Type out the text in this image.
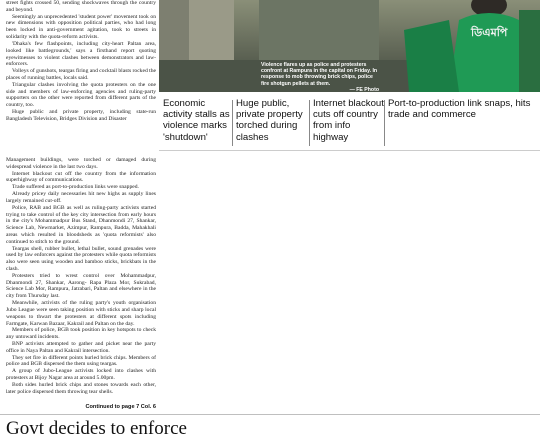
street fights crossed 50, sending shockwaves through the country and beyond.

Seemingly an unprecedented 'student power' movement took on new dimensions with opposition political parties, who had long been locked in anti-government agitation, took to streets in solidarity with the quota-reform activists.

'Dhaka's few flashpoints, including city-heart Paltan area, looked like battlegrounds,' says a firsthand report quoting eyewitnesses to violent clashes between demonstrators and law-enforcers.

Volleys of gunshots, teargas firing and cocktail blasts rocked the places of running battles, locals said.

Triangular clashes involving the quota protesters on the one side and members of law-enforcing agencies and ruling-party supporters on the other were reported from different parts of the country, too.

Huge public and private property, including state-run Bangladesh Television, Bridges Division and Disaster

Management buildings, were torched or damaged during widespread violence in the last two days.

Internet blackout cut off the country from the information superhighway of communications.

Trade suffered as port-to-production links were snapped.

Already pricey daily necessaries hit new highs as supply lines largely remained cut-off.

Police, RAB and BGB as well as ruling-party activists started trying to take control of the key city intersection from early hours in the city's Mohammadpur Bus Stand, Dhanmondi 27, Shankar, Science Lab, Newmarket, Azimpur, Rampura, Badda, Mahakhali areas which resulted in bloodsheds as 'quota reformists' also continued to stitch to the ground.

Teargas shell, rubber bullet, lethal bullet, sound grenades were used by law enforcers against the protesters while quota reformists also were seen using wooden and bamboo sticks, brickbats in the clash.

Protesters tried to wrest control over Mohammadpur, Dhanmondi 27, Shankar, Aarong- Rapa Plaza Mor, Sukrabad, Science Lab Mor, Rampura, Jatrabari, Paltan and elsewhere in the city from Thursday last.

Meanwhile, activists of the ruling party's youth organisation Jubo League were seen taking position with sticks and sharp local weapons to thwart the protesters at different spots including Farmgate, Karwan Bazaar, Kakrail and Paltan on the day.

Members of police, BGB took position in key hotspots to check any untoward incidents.

BNP activists attempted to gather and picket near the party office in Naya Paltan and Kakrail intersection.

They set fire in different points hurled brick chips. Members of police and BGB dispersed the them using teargas.

A group of Jubo-League activists locked into clashes with protesters at Bijoy Nagar area at around 5.00pm.

Both sides hurled brick chips and stones towards each other, later police dispersed them throwing tear shells.

Continued to page 7 Col. 6
ডিএমপি
Violence flares up as police and protesters confront at Rampura in the capital on Friday. In response to mob throwing brick chips, police fire shotgun pellets at them.
— FE Photo
Economic activity stalls as violence marks 'shutdown'
Huge public, private property torched during clashes
Internet blackout cuts off country from info highway
Port-to-production link snaps, hits trade and commerce
Govt decides to enforce
